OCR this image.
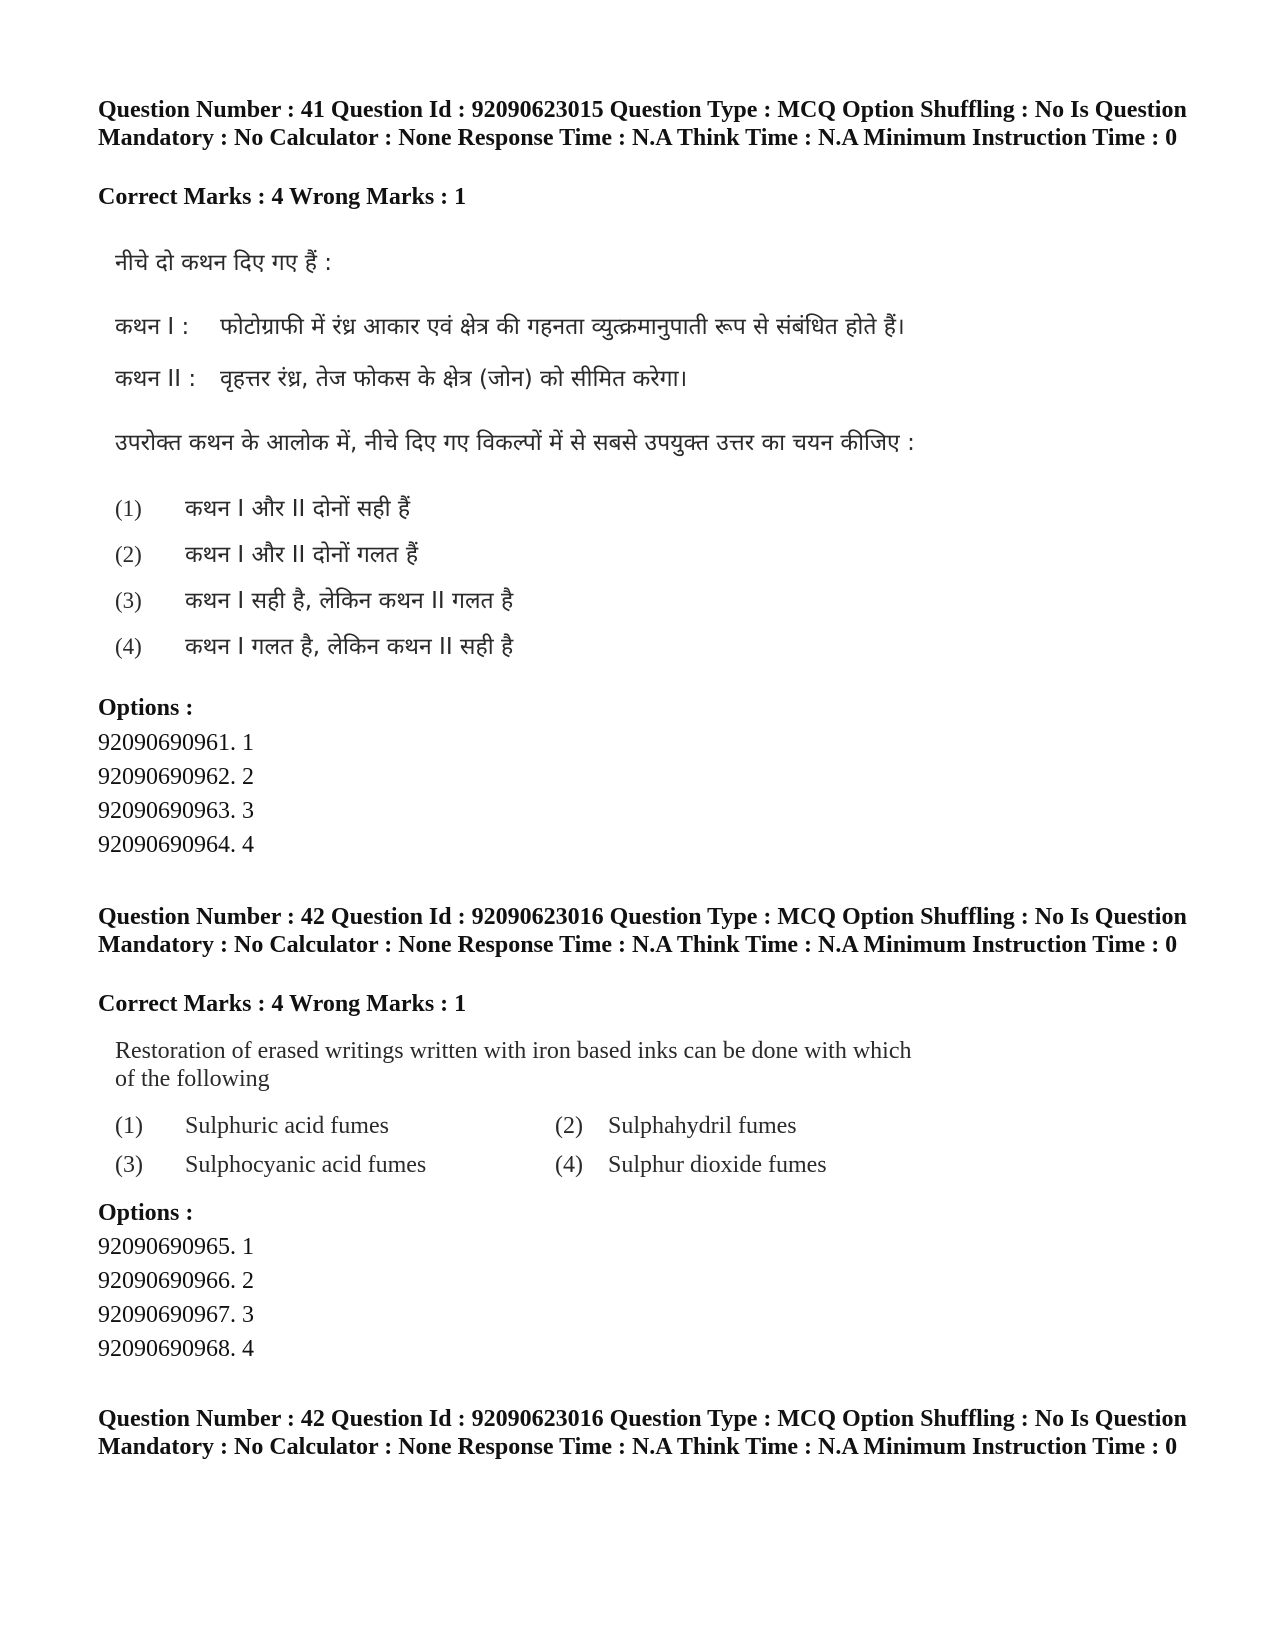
Question Number : 41 Question Id : 92090623015 Question Type : MCQ Option Shuffling : No Is Question Mandatory : No Calculator : None Response Time : N.A Think Time : N.A Minimum Instruction Time : 0
Correct Marks : 4 Wrong Marks : 1
नीचे दो कथन दिए गए हैं :
कथन I : फोटोग्राफी में रंध्र आकार एवं क्षेत्र की गहनता व्युत्क्रमानुपाती रूप से संबंधित होते हैं।
कथन II : वृहत्तर रंध्र, तेज फोकस के क्षेत्र (जोन) को सीमित करेगा।
उपरोक्त कथन के आलोक में, नीचे दिए गए विकल्पों में से सबसे उपयुक्त उत्तर का चयन कीजिए :
(1) कथन I और II दोनों सही हैं
(2) कथन I और II दोनों गलत हैं
(3) कथन I सही है, लेकिन कथन II गलत है
(4) कथन I गलत है, लेकिन कथन II सही है
Options :
92090690961. 1
92090690962. 2
92090690963. 3
92090690964. 4
Question Number : 42 Question Id : 92090623016 Question Type : MCQ Option Shuffling : No Is Question Mandatory : No Calculator : None Response Time : N.A Think Time : N.A Minimum Instruction Time : 0
Correct Marks : 4 Wrong Marks : 1
Restoration of erased writings written with iron based inks can be done with which
of the following
(1) Sulphuric acid fumes	(2) Sulphahydril fumes
(3) Sulphocyanic acid fumes	(4) Sulphur dioxide fumes
Options :
92090690965. 1
92090690966. 2
92090690967. 3
92090690968. 4
Question Number : 42 Question Id : 92090623016 Question Type : MCQ Option Shuffling : No Is Question Mandatory : No Calculator : None Response Time : N.A Think Time : N.A Minimum Instruction Time : 0
